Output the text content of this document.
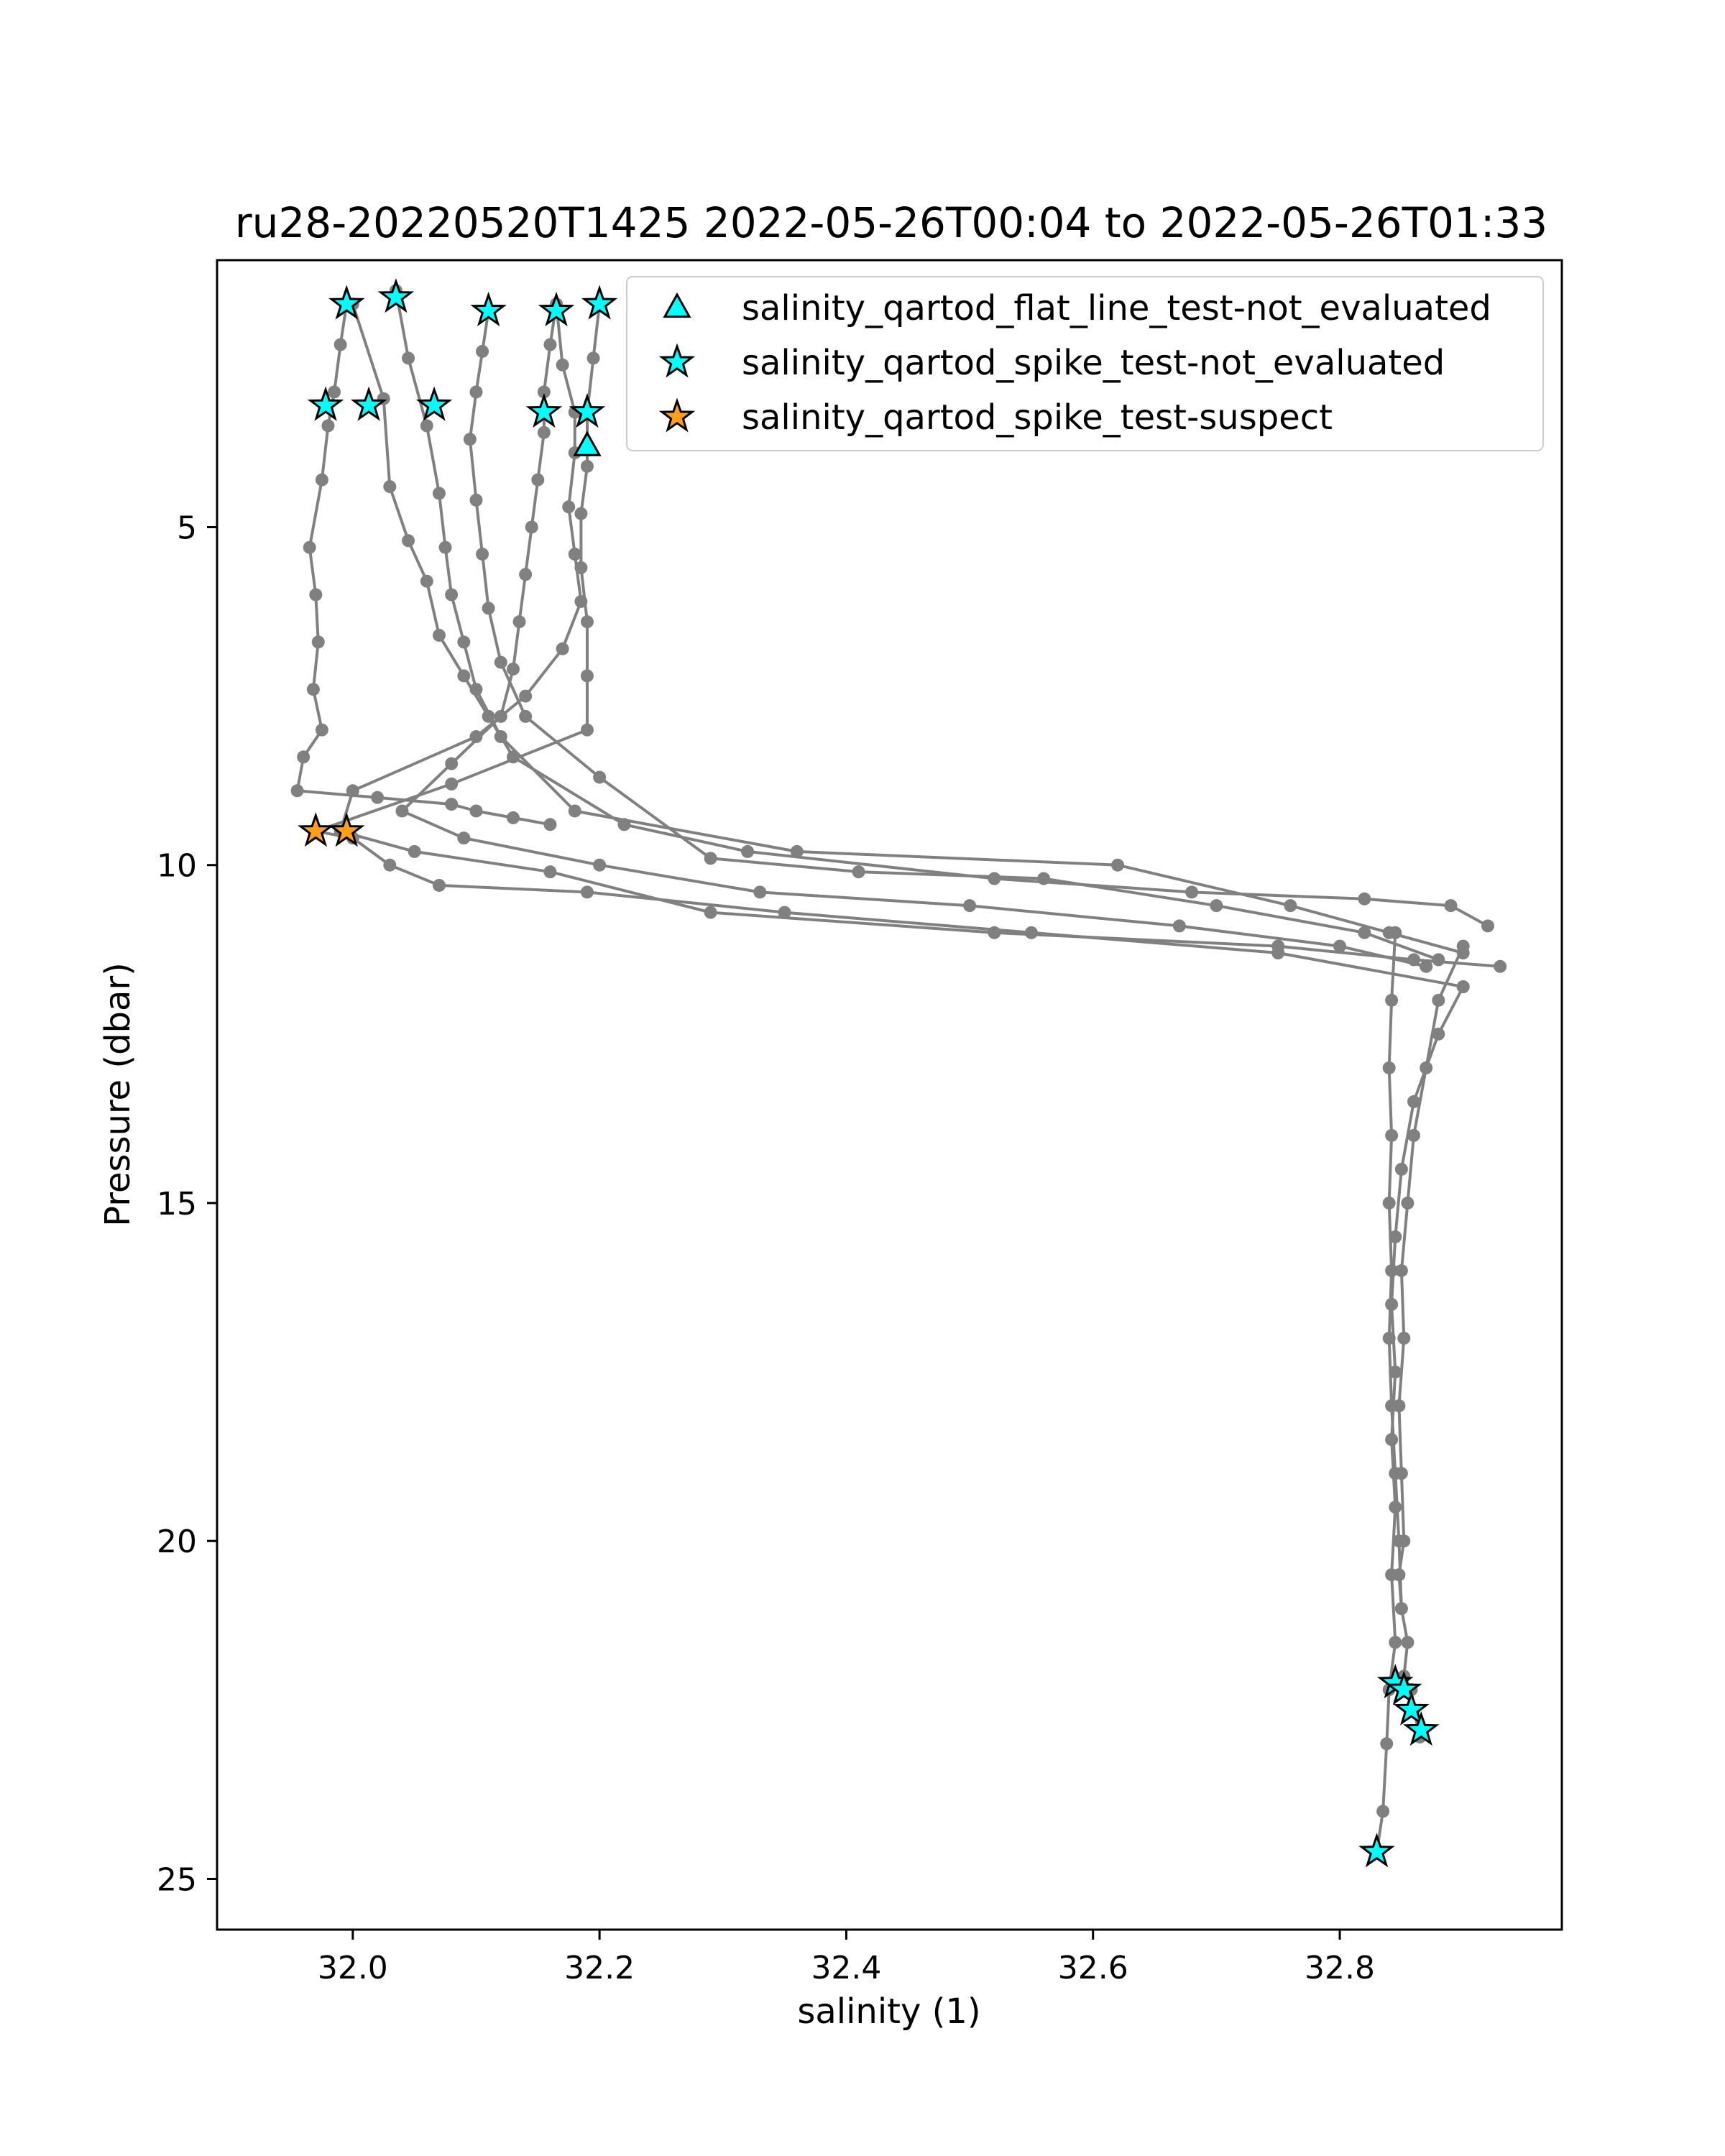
ru28-20220520T1425 2022-05-26T00:04 to 2022-05-26T01:33
32.0	32.2	32.4	32.6	32.8
5
10
15
20
25
salinity (1)
Pressure (dbar)
salinity_qartod_flat_line_test-not_evaluated
salinity_qartod_spike_test-not_evaluated
salinity_qartod_spike_test-suspect
